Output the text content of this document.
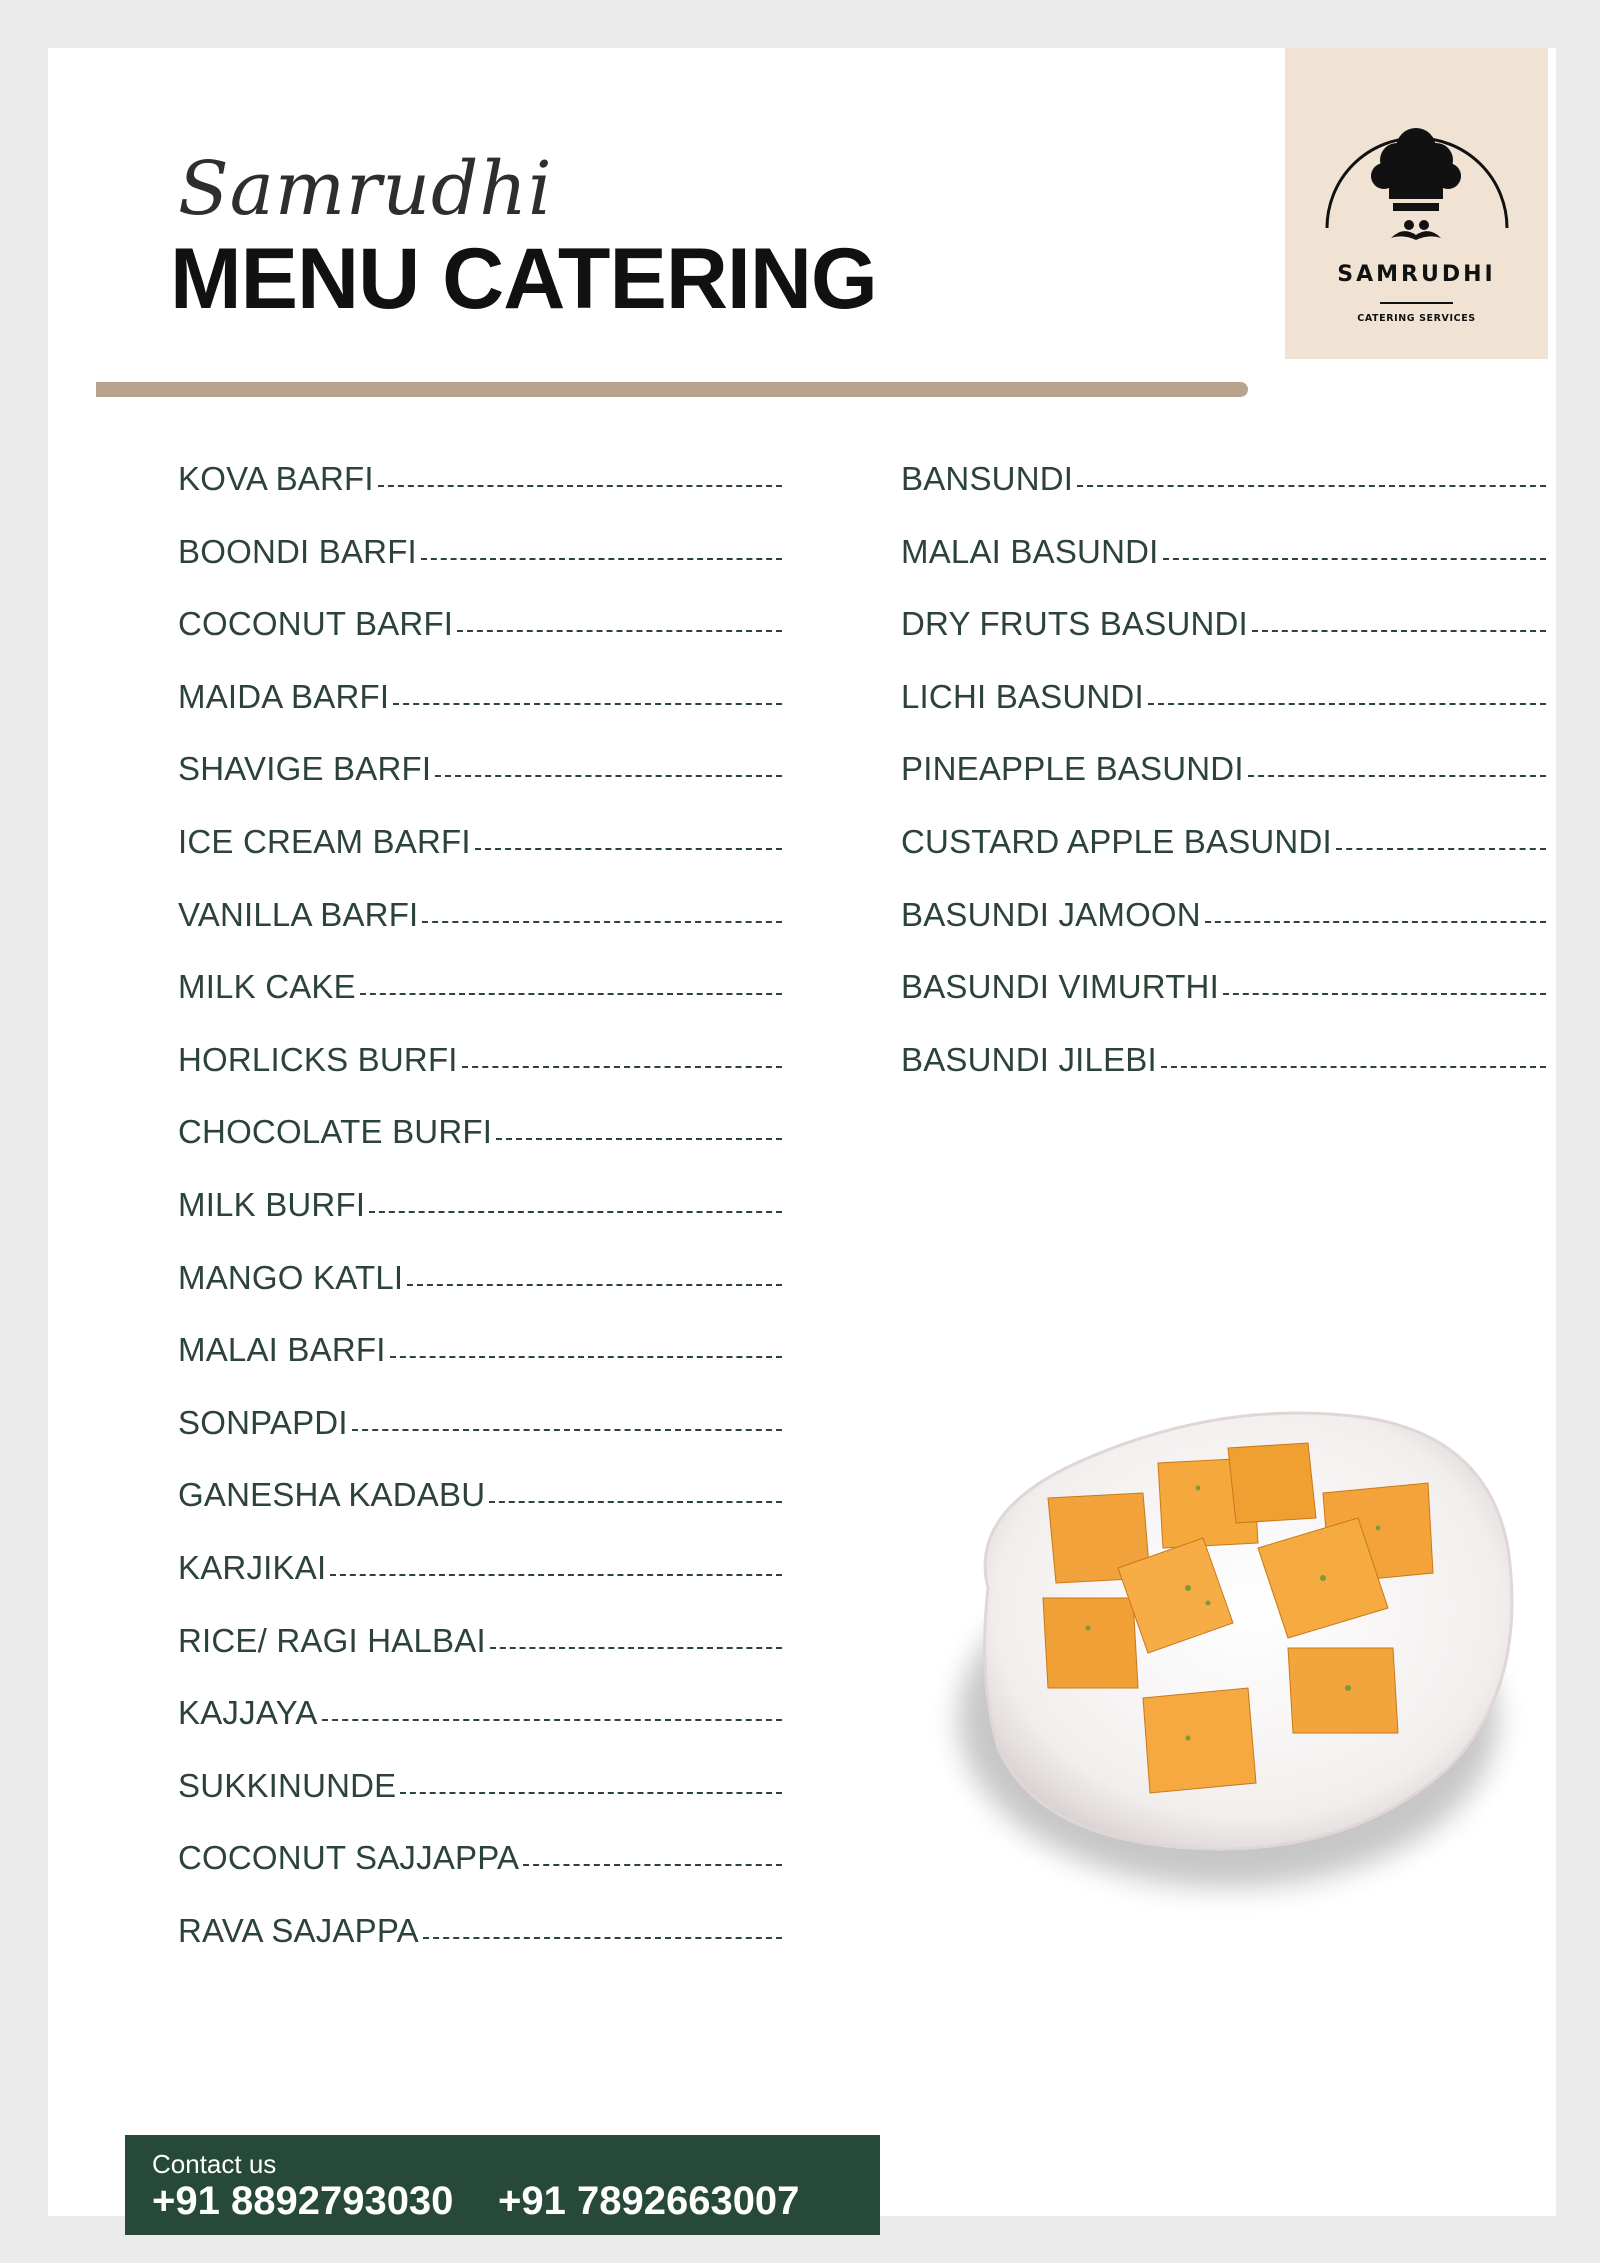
Samrudhi
MENU CATERING	SAMRUDHI
CATERING SERVICES
KOVA BARFI
BOONDI BARFI
COCONUT BARFI
MAIDA BARFI
SHAVIGE BARFI
ICE CREAM BARFI
VANILLA BARFI
MILK CAKE
HORLICKS BURFI
CHOCOLATE BURFI
MILK BURFI
MANGO KATLI
MALAI BARFI
SONPAPDI
GANESHA KADABU
KARJIKAI
RICE/ RAGI HALBAI
KAJJAYA
SUKKINUNDE
COCONUT SAJJAPPA
RAVA SAJAPPA
BANSUNDI
MALAI BASUNDI
DRY FRUTS BASUNDI
LICHI BASUNDI
PINEAPPLE BASUNDI
CUSTARD APPLE BASUNDI
BASUNDI JAMOON
BASUNDI VIMURTHI
BASUNDI JILEBI
Contact us
+91 8892793030 +91 7892663007
